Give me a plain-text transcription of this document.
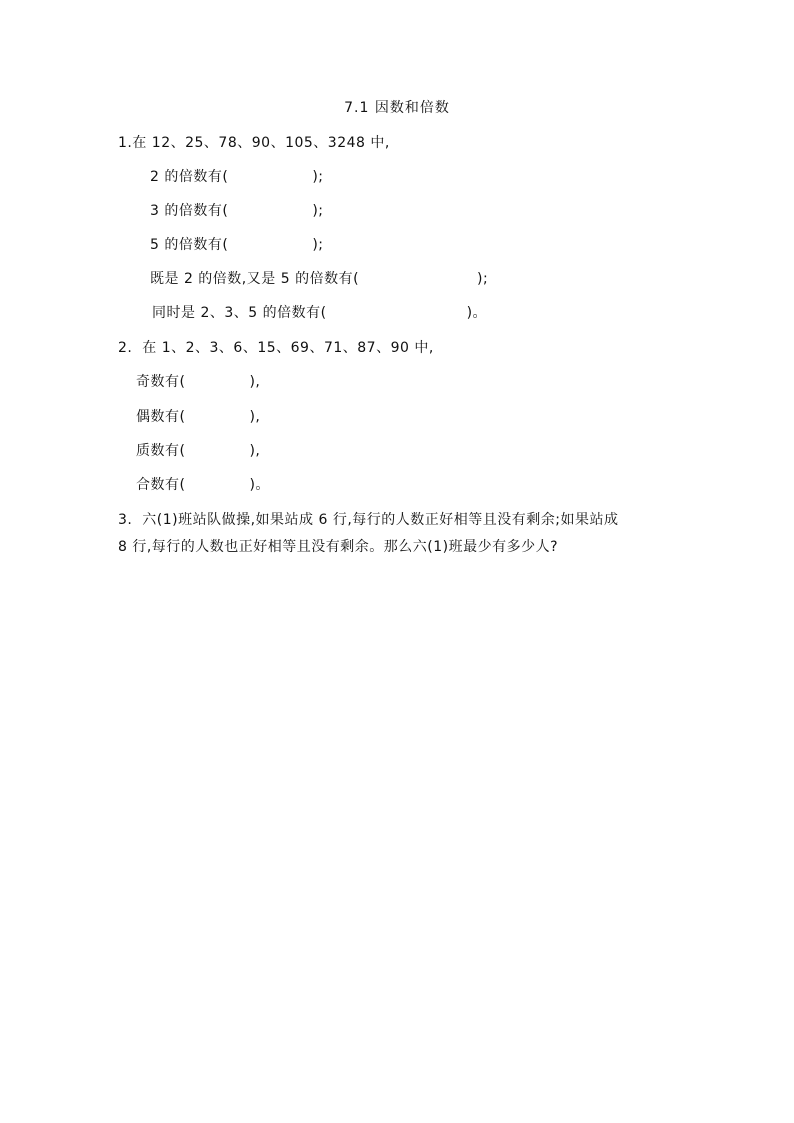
7.1 因数和倍数
1.在 12、25、78、90、105、3248 中,
2 的倍数有(	);
3 的倍数有(	);
5 的倍数有(	);
既是 2 的倍数,又是 5 的倍数有(	);
同时是 2、3、5 的倍数有(	)。
2.  在 1、2、3、6、15、69、71、87、90 中,
奇数有(	),
偶数有(	),
质数有(	),
合数有(	)。
3.  六(1)班站队做操,如果站成 6 行,每行的人数正好相等且没有剩余;如果站成
8 行,每行的人数也正好相等且没有剩余。那么六(1)班最少有多少人?
